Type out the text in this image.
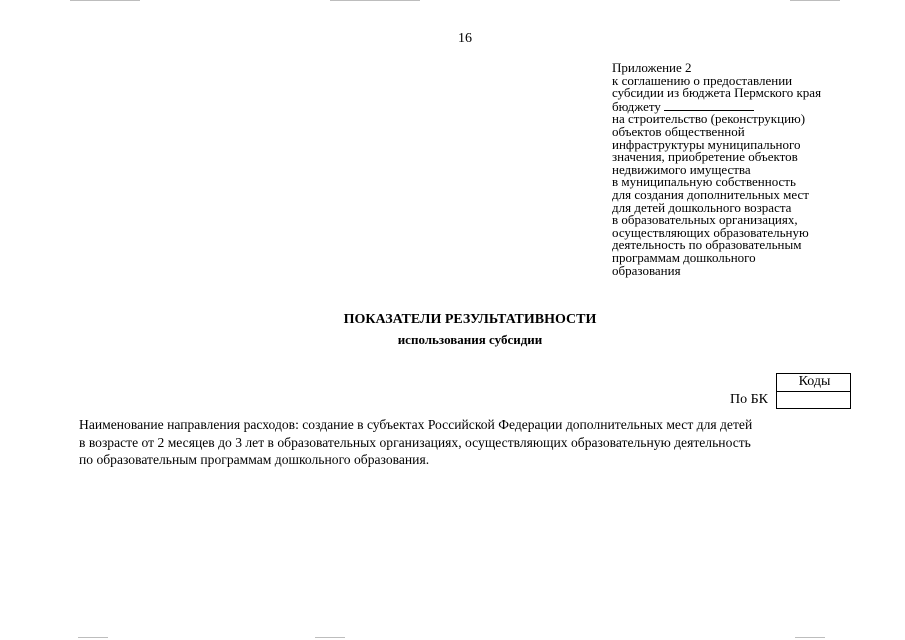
16
Приложение 2
к соглашению о предоставлении
субсидии из бюджета Пермского края
бюджету
на строительство (реконструкцию)
объектов общественной
инфраструктуры муниципального
значения, приобретение объектов
недвижимого имущества
в муниципальную собственность
для создания дополнительных мест
для детей дошкольного возраста
в образовательных организациях,
осуществляющих образовательную
деятельность по образовательным
программам дошкольного
образования
ПОКАЗАТЕЛИ РЕЗУЛЬТАТИВНОСТИ
использования субсидии
Коды
По БК
Наименование направления расходов: создание в субъектах Российской Федерации дополнительных мест для детей
в возрасте от 2 месяцев до 3 лет в образовательных организациях, осуществляющих образовательную деятельность
по образовательным программам дошкольного образования.
